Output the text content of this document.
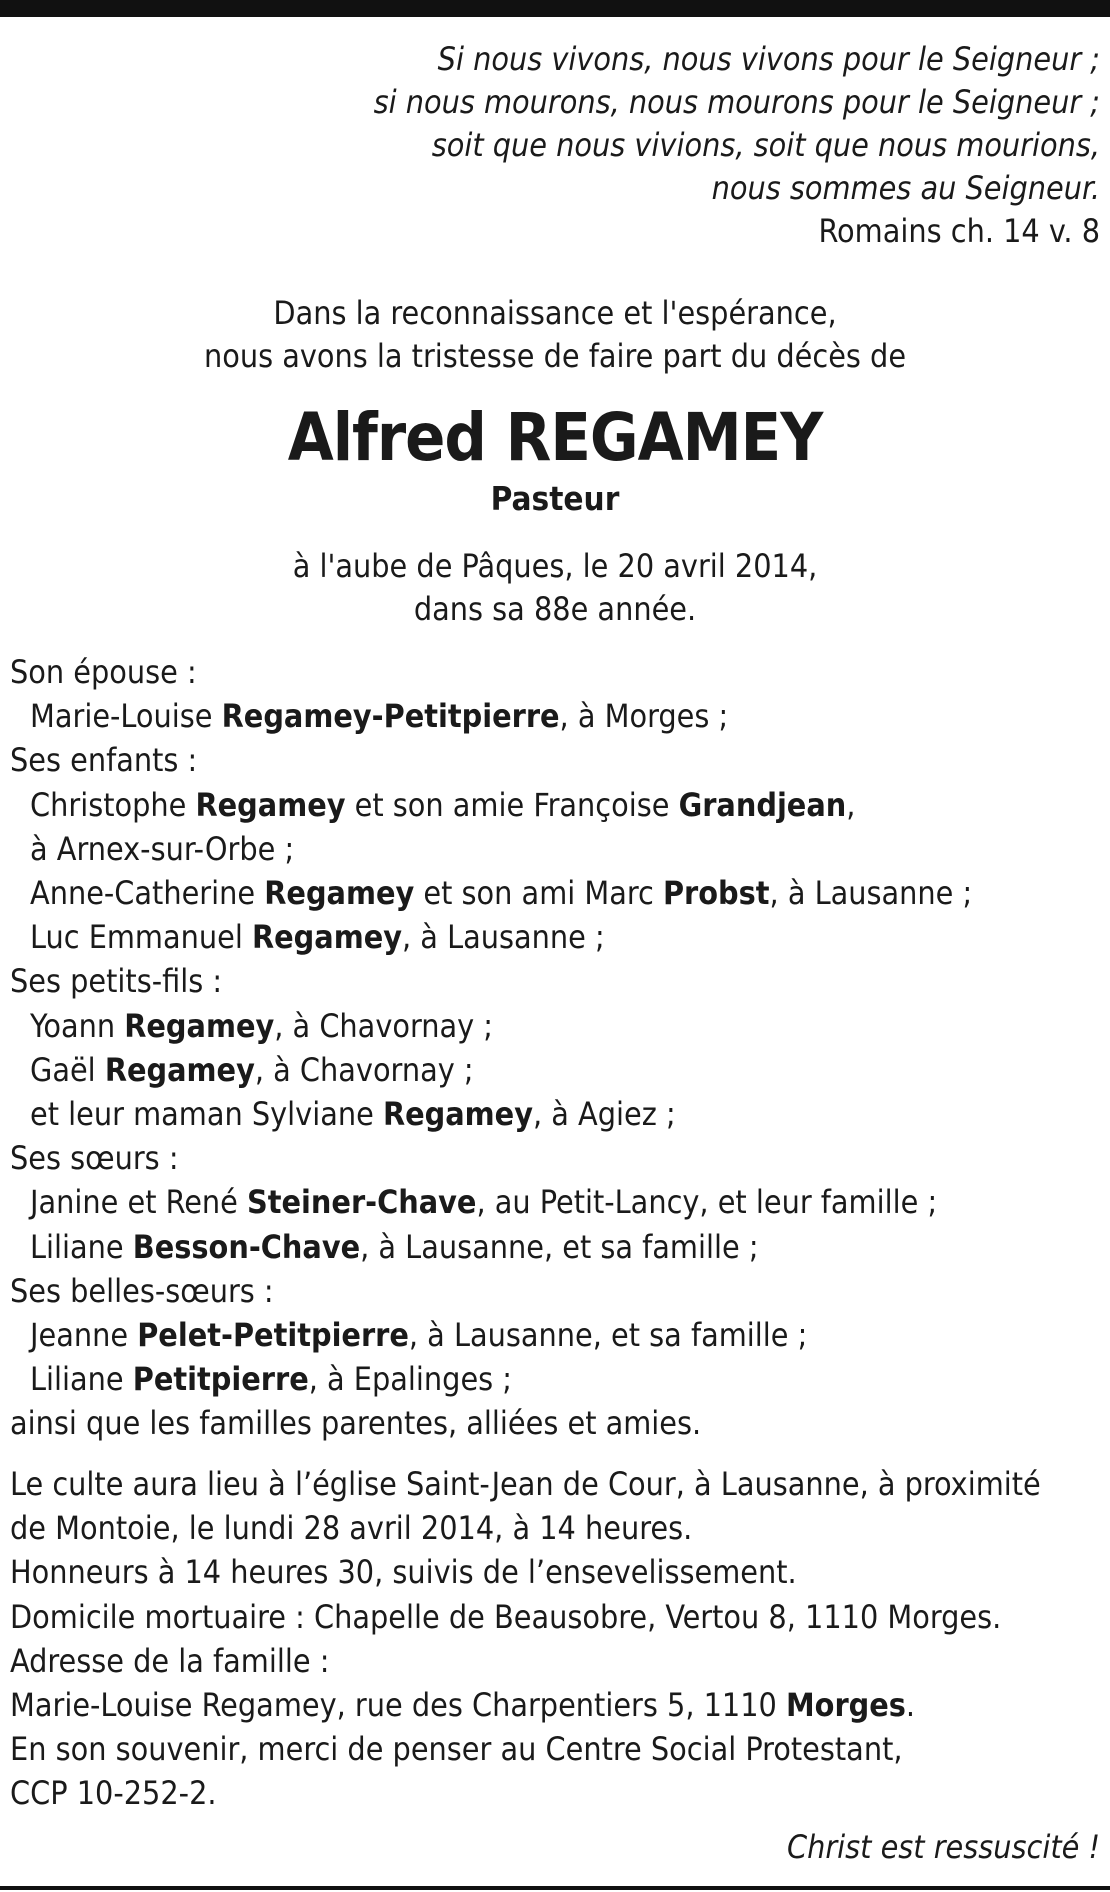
Si nous vivons, nous vivons pour le Seigneur ;
si nous mourons, nous mourons pour le Seigneur ;
soit que nous vivions, soit que nous mourions,
nous sommes au Seigneur.
Romains ch. 14 v. 8
Dans la reconnaissance et l'espérance,
nous avons la tristesse de faire part du décès de
Alfred REGAMEY
Pasteur
à l'aube de Pâques, le 20 avril 2014,
dans sa 88e année.
Son épouse :
Marie-Louise Regamey-Petitpierre, à Morges ;
Ses enfants :
Christophe Regamey et son amie Françoise Grandjean,
à Arnex-sur-Orbe ;
Anne-Catherine Regamey et son ami Marc Probst, à Lausanne ;
Luc Emmanuel Regamey, à Lausanne ;
Ses petits-fils :
Yoann Regamey, à Chavornay ;
Gaël Regamey, à Chavornay ;
et leur maman Sylviane Regamey, à Agiez ;
Ses sœurs :
Janine et René Steiner-Chave, au Petit-Lancy, et leur famille ;
Liliane Besson-Chave, à Lausanne, et sa famille ;
Ses belles-sœurs :
Jeanne Pelet-Petitpierre, à Lausanne, et sa famille ;
Liliane Petitpierre, à Epalinges ;
ainsi que les familles parentes, alliées et amies.
Le culte aura lieu à l’église Saint-Jean de Cour, à Lausanne, à proximité
de Montoie, le lundi 28 avril 2014, à 14 heures.
Honneurs à 14 heures 30, suivis de l’ensevelissement.
Domicile mortuaire : Chapelle de Beausobre, Vertou 8, 1110 Morges.
Adresse de la famille :
Marie-Louise Regamey, rue des Charpentiers 5, 1110 Morges.
En son souvenir, merci de penser au Centre Social Protestant,
CCP 10-252-2.
Christ est ressuscité !
